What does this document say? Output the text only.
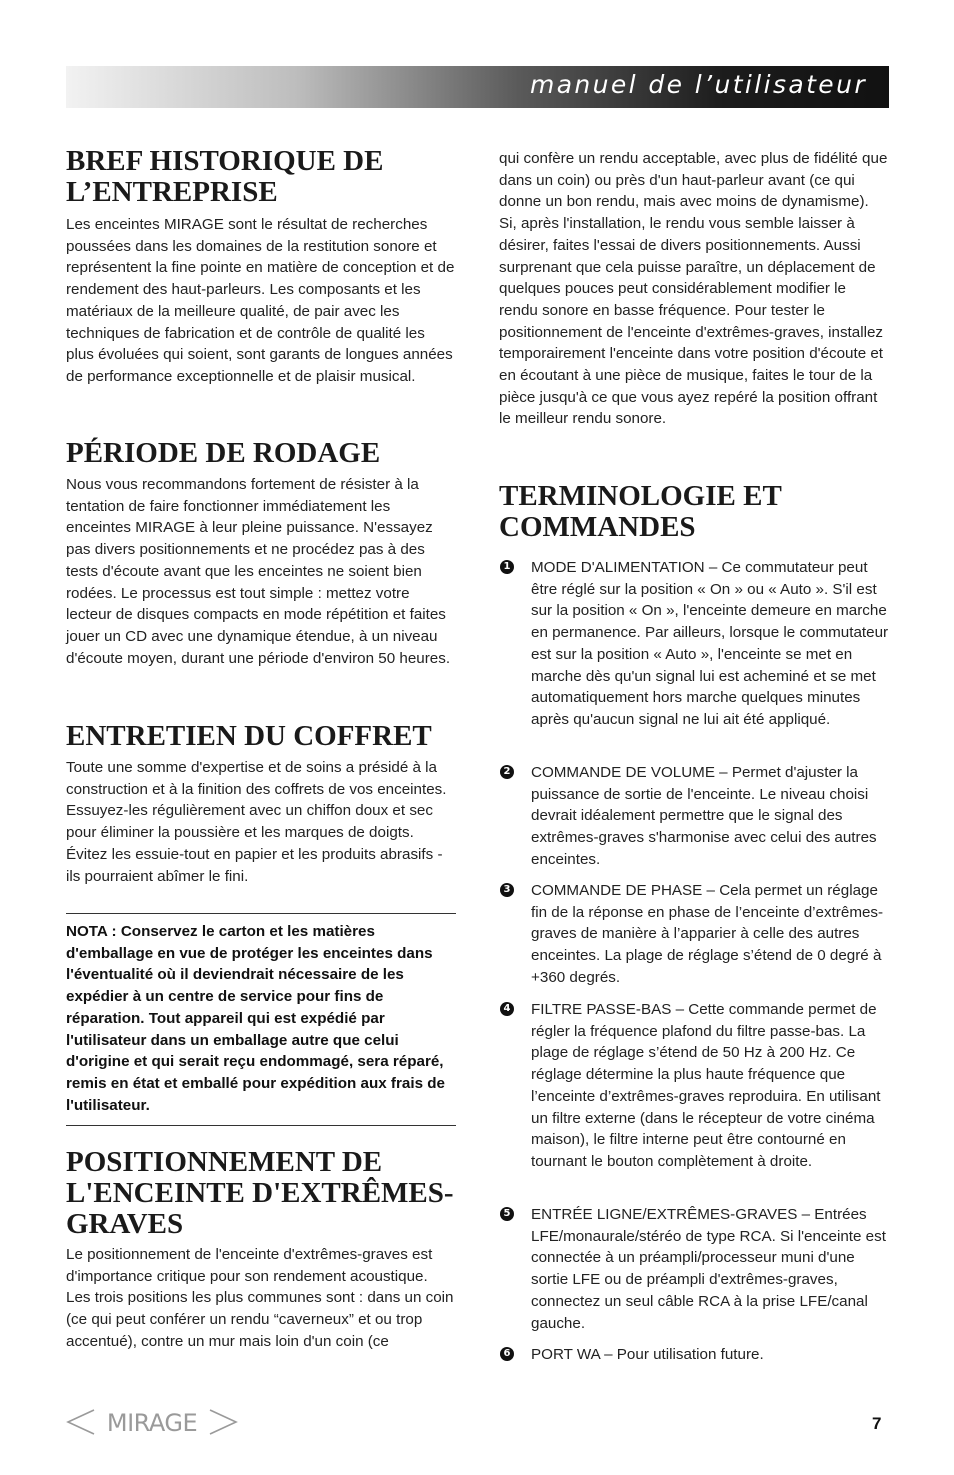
manuel de l’utilisateur
BREF HISTORIQUE DE L’ENTREPRISE

Les enceintes MIRAGE sont le résultat de recherches poussées dans les domaines de la restitution sonore et représentent la fine pointe en matière de conception et de rendement des haut-parleurs. Les composants et les matériaux de la meilleure qualité, de pair avec les techniques de fabrication et de contrôle de qualité les plus évoluées qui soient, sont garants de longues années de performance exceptionnelle et de plaisir musical.

PÉRIODE DE RODAGE

Nous vous recommandons fortement de résister à la tentation de faire fonctionner immédiatement les enceintes MIRAGE à leur pleine puissance. N'essayez pas divers positionnements et ne procédez pas à des tests d'écoute avant que les enceintes ne soient bien rodées. Le processus est tout simple : mettez votre lecteur de disques compacts en mode répétition et faites jouer un CD avec une dynamique étendue, à un niveau d'écoute moyen, durant une période d'environ 50 heures.

ENTRETIEN DU COFFRET

Toute une somme d'expertise et de soins a présidé à la construction et à la finition des coffrets de vos enceintes. Essuyez-les régulièrement avec un chiffon doux et sec pour éliminer la poussière et les marques de doigts. Évitez les essuie-tout en papier et les produits abrasifs - ils pourraient abîmer le fini.

NOTA : Conservez le carton et les matières d'emballage en vue de protéger les enceintes dans l'éventualité où il deviendrait nécessaire de les expédier à un centre de service pour fins de réparation. Tout appareil qui est expédié par l'utilisateur dans un emballage autre que celui d'origine et qui serait reçu endommagé, sera réparé, remis en état et emballé pour expédition aux frais de l'utilisateur.

POSITIONNEMENT DE L'ENCEINTE D'EXTRÊMES-GRAVES

Le positionnement de l'enceinte d'extrêmes-graves est d'importance critique pour son rendement acoustique. Les trois positions les plus communes sont : dans un coin (ce qui peut conférer un rendu “caverneux” et ou trop accentué), contre un mur mais loin d'un coin (ce

qui confère un rendu acceptable, avec plus de fidélité que dans un coin) ou près d'un haut-parleur avant (ce qui donne un bon rendu, mais avec moins de dynamisme). Si, après l'installation, le rendu vous semble laisser à désirer, faites l'essai de divers positionnements. Aussi surprenant que cela puisse paraître, un déplacement de quelques pouces peut considérablement modifier le rendu sonore en basse fréquence. Pour tester le positionnement de l'enceinte d'extrêmes-graves, installez temporairement l'enceinte dans votre position d'écoute et en écoutant à une pièce de musique, faites le tour de la pièce jusqu'à ce que vous ayez repéré la position offrant le meilleur rendu sonore.

TERMINOLOGIE ET COMMANDES
1 MODE D'ALIMENTATION – Ce commutateur peut être réglé sur la position « On » ou « Auto ». S'il est sur la position « On », l'enceinte demeure en marche en permanence. Par ailleurs, lorsque le commutateur est sur la position « Auto », l'enceinte se met en marche dès qu'un signal lui est acheminé et se met automatiquement hors marche quelques minutes après qu'aucun signal ne lui ait été appliqué.

2 COMMANDE DE VOLUME – Permet d'ajuster la puissance de sortie de l'enceinte. Le niveau choisi devrait idéalement permettre que le signal des extrêmes-graves s'harmonise avec celui des autres enceintes.

3 COMMANDE DE PHASE – Cela permet un réglage fin de la réponse en phase de l’enceinte d’extrêmes-graves de manière à l’apparier à celle des autres enceintes. La plage de réglage s’étend de 0 degré à +360 degrés.

4 FILTRE PASSE-BAS – Cette commande permet de régler la fréquence plafond du filtre passe-bas. La plage de réglage s’étend de 50 Hz à 200 Hz. Ce réglage détermine la plus haute fréquence que l’enceinte d’extrêmes-graves reproduira. En utilisant un filtre externe (dans le récepteur de votre cinéma maison), le filtre interne peut être contourné en tournant le bouton complètement à droite.

5 ENTRÉE LIGNE/EXTRÊMES-GRAVES – Entrées LFE/monaurale/stéréo de type RCA. Si l'enceinte est connectée à un préampli/processeur muni d'une sortie LFE ou de préampli d'extrêmes-graves, connectez un seul câble RCA à la prise LFE/canal gauche.

6 PORT WA – Pour utilisation future.

MIRAGE	7
